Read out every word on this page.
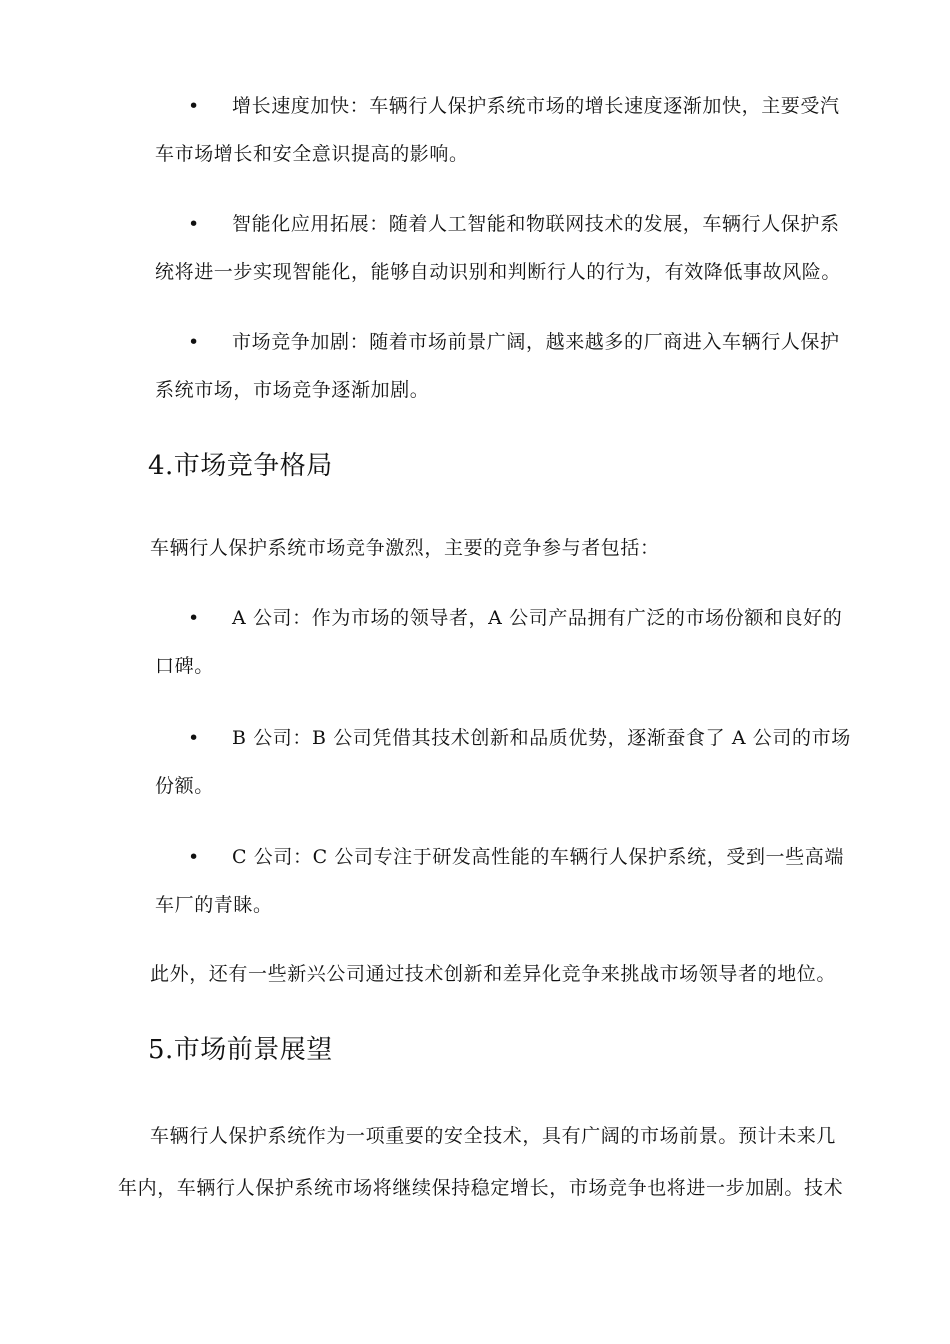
•	增长速度加快：车辆行人保护系统市场的增长速度逐渐加快，主要受汽
车市场增长和安全意识提高的影响。
•	智能化应用拓展：随着人工智能和物联网技术的发展，车辆行人保护系
统将进一步实现智能化，能够自动识别和判断行人的行为，有效降低事故风险。
•	市场竞争加剧：随着市场前景广阔，越来越多的厂商进入车辆行人保护
系统市场，市场竞争逐渐加剧。
4.市场竞争格局
车辆行人保护系统市场竞争激烈，主要的竞争参与者包括：
•	A 公司：作为市场的领导者，A 公司产品拥有广泛的市场份额和良好的
口碑。
•	B 公司：B 公司凭借其技术创新和品质优势，逐渐蚕食了 A 公司的市场
份额。
•	C 公司：C 公司专注于研发高性能的车辆行人保护系统，受到一些高端
车厂的青睐。
此外，还有一些新兴公司通过技术创新和差异化竞争来挑战市场领导者的地位。
5.市场前景展望
车辆行人保护系统作为一项重要的安全技术，具有广阔的市场前景。预计未来几
年内，车辆行人保护系统市场将继续保持稳定增长，市场竞争也将进一步加剧。技术
